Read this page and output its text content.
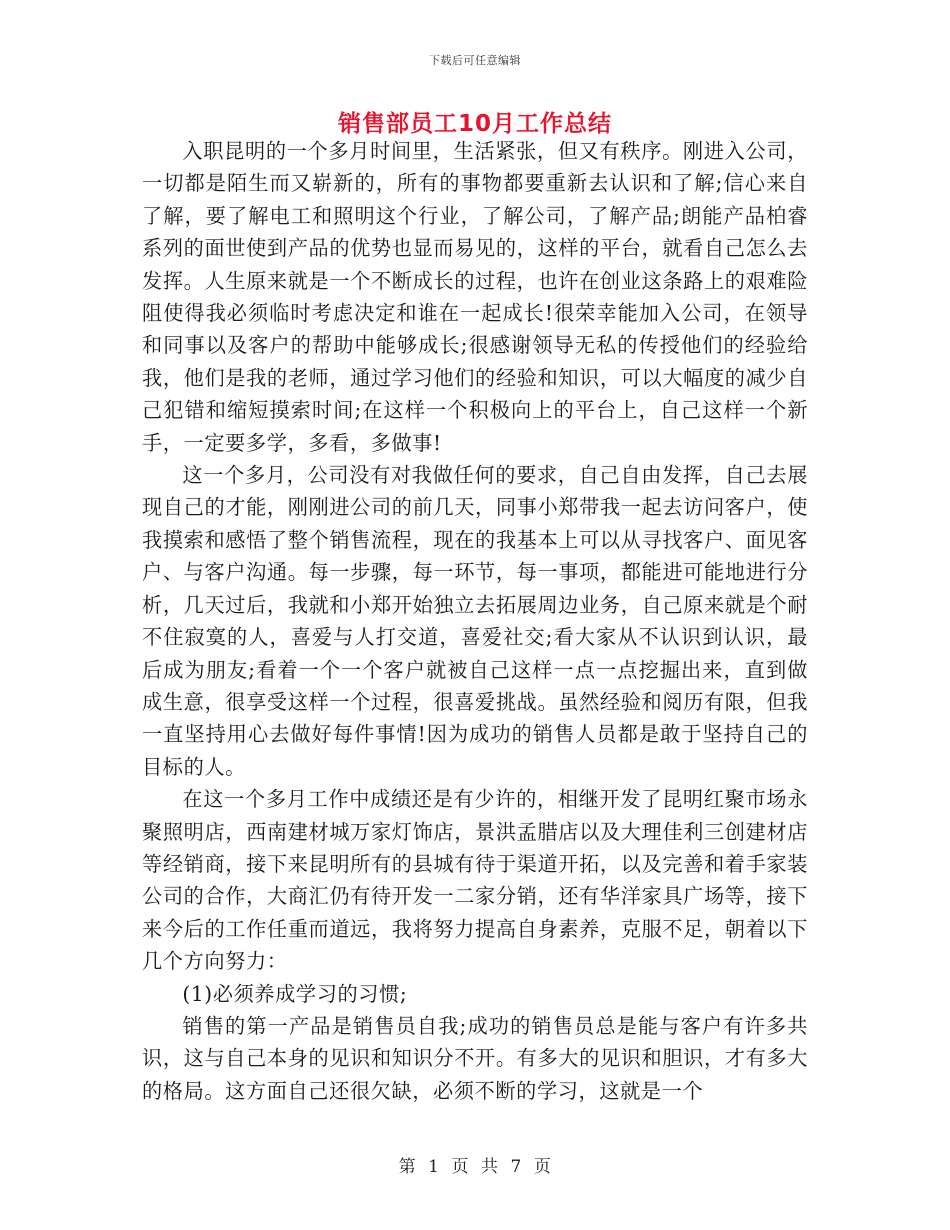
下载后可任意编辑
销售部员工10月工作总结

入职昆明的一个多月时间里，生活紧张，但又有秩序。刚进入公司，一切都是陌生而又崭新的，所有的事物都要重新去认识和了解;信心来自了解，要了解电工和照明这个行业，了解公司，了解产品;朗能产品柏睿系列的面世使到产品的优势也显而易见的，这样的平台，就看自己怎么去发挥。人生原来就是一个不断成长的过程，也许在创业这条路上的艰难险阻使得我必须临时考虑决定和谁在一起成长!很荣幸能加入公司，在领导和同事以及客户的帮助中能够成长;很感谢领导无私的传授他们的经验给我，他们是我的老师，通过学习他们的经验和知识，可以大幅度的减少自己犯错和缩短摸索时间;在这样一个积极向上的平台上，自己这样一个新手，一定要多学，多看，多做事!

这一个多月，公司没有对我做任何的要求，自己自由发挥，自己去展现自己的才能，刚刚进公司的前几天，同事小郑带我一起去访问客户，使我摸索和感悟了整个销售流程，现在的我基本上可以从寻找客户、面见客户、与客户沟通。每一步骤，每一环节，每一事项，都能进可能地进行分析，几天过后，我就和小郑开始独立去拓展周边业务，自己原来就是个耐不住寂寞的人，喜爱与人打交道，喜爱社交;看大家从不认识到认识，最后成为朋友;看着一个一个客户就被自己这样一点一点挖掘出来，直到做成生意，很享受这样一个过程，很喜爱挑战。虽然经验和阅历有限，但我一直坚持用心去做好每件事情!因为成功的销售人员都是敢于坚持自己的目标的人。

在这一个多月工作中成绩还是有少许的，相继开发了昆明红聚市场永聚照明店，西南建材城万家灯饰店，景洪孟腊店以及大理佳利三创建材店等经销商，接下来昆明所有的县城有待于渠道开拓，以及完善和着手家装公司的合作，大商汇仍有待开发一二家分销，还有华洋家具广场等，接下来今后的工作任重而道远，我将努力提高自身素养，克服不足，朝着以下几个方向努力：

(1)必须养成学习的习惯;

销售的第一产品是销售员自我;成功的销售员总是能与客户有许多共识，这与自己本身的见识和知识分不开。有多大的见识和胆识，才有多大的格局。这方面自己还很欠缺，必须不断的学习，这就是一个

第 1 页 共 7 页
